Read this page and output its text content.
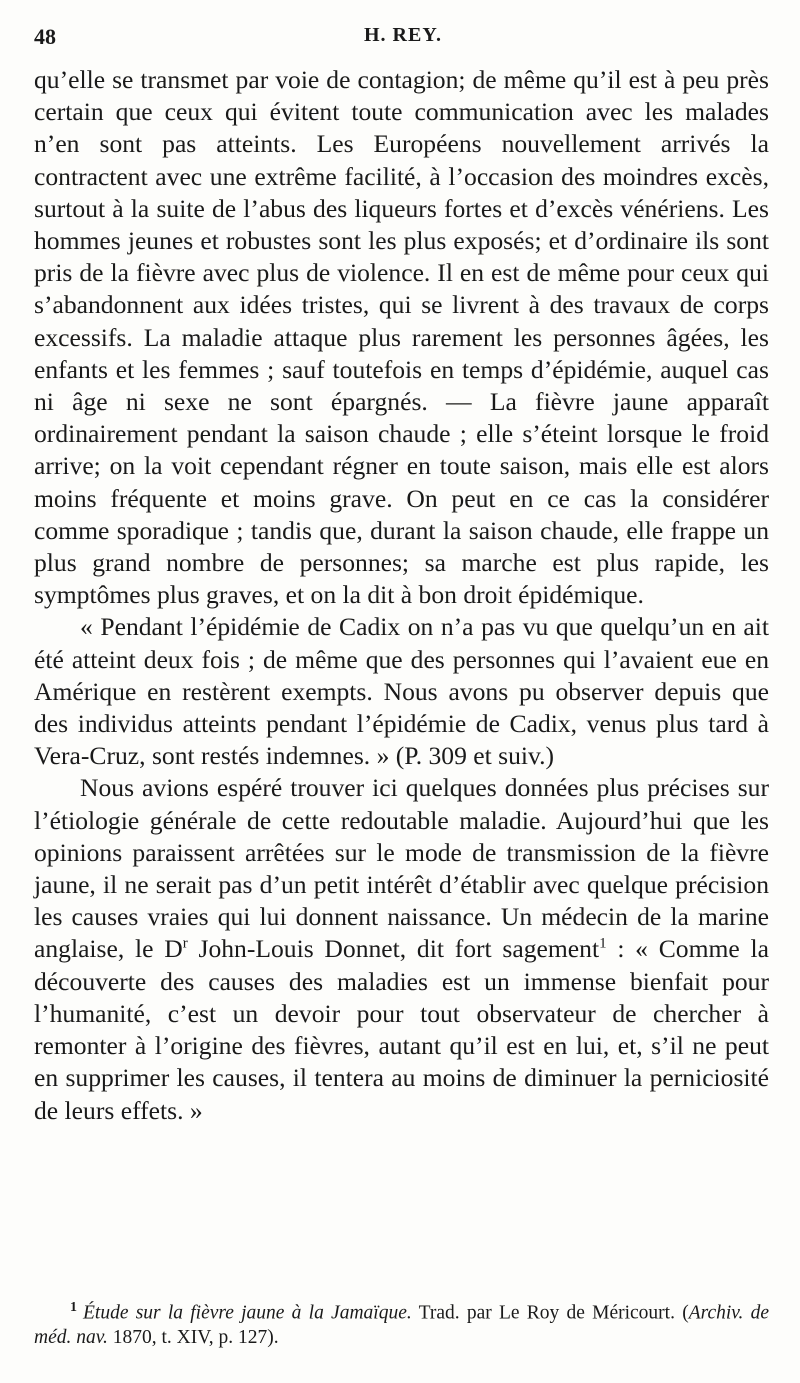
48	H. REY.

qu’elle se transmet par voie de contagion; de même qu’il est à peu près certain que ceux qui évitent toute communication avec les malades n’en sont pas atteints. Les Européens nouvellement arrivés la contractent avec une extrême facilité, à l’occasion des moindres excès, surtout à la suite de l’abus des liqueurs fortes et d’excès vénériens. Les hommes jeunes et robustes sont les plus exposés; et d’ordinaire ils sont pris de la fièvre avec plus de violence. Il en est de même pour ceux qui s’abandonnent aux idées tristes, qui se livrent à des travaux de corps excessifs. La maladie attaque plus rarement les personnes âgées, les enfants et les femmes ; sauf toutefois en temps d’épidémie, auquel cas ni âge ni sexe ne sont épargnés. — La fièvre jaune apparaît ordinairement pendant la saison chaude ; elle s’éteint lorsque le froid arrive; on la voit cependant régner en toute saison, mais elle est alors moins fréquente et moins grave. On peut en ce cas la considérer comme sporadique ; tandis que, durant la saison chaude, elle frappe un plus grand nombre de personnes; sa marche est plus rapide, les symptômes plus graves, et on la dit à bon droit épidémique.

« Pendant l’épidémie de Cadix on n’a pas vu que quelqu’un en ait été atteint deux fois ; de même que des personnes qui l’avaient eue en Amérique en restèrent exempts. Nous avons pu observer depuis que des individus atteints pendant l’épidémie de Cadix, venus plus tard à Vera-Cruz, sont restés indemnes. » (P. 309 et suiv.)

Nous avions espéré trouver ici quelques données plus précises sur l’étiologie générale de cette redoutable maladie. Aujourd’hui que les opinions paraissent arrêtées sur le mode de transmission de la fièvre jaune, il ne serait pas d’un petit intérêt d’établir avec quelque précision les causes vraies qui lui donnent naissance. Un médecin de la marine anglaise, le $D^r$ John-Louis Donnet, dit fort sagement$^1$ : « Comme la découverte des causes des maladies est un immense bienfait pour l’humanité, c’est un devoir pour tout observateur de chercher à remonter à l’origine des fièvres, autant qu’il est en lui, et, s’il ne peut en supprimer les causes, il tentera au moins de diminuer la perniciosité de leurs effets. »

$^1$ Étude sur la fièvre jaune à la Jamaïque. Trad. par Le Roy de Méricourt. (Archiv. de méd. nav. 1870, t. XIV, p. 127).
